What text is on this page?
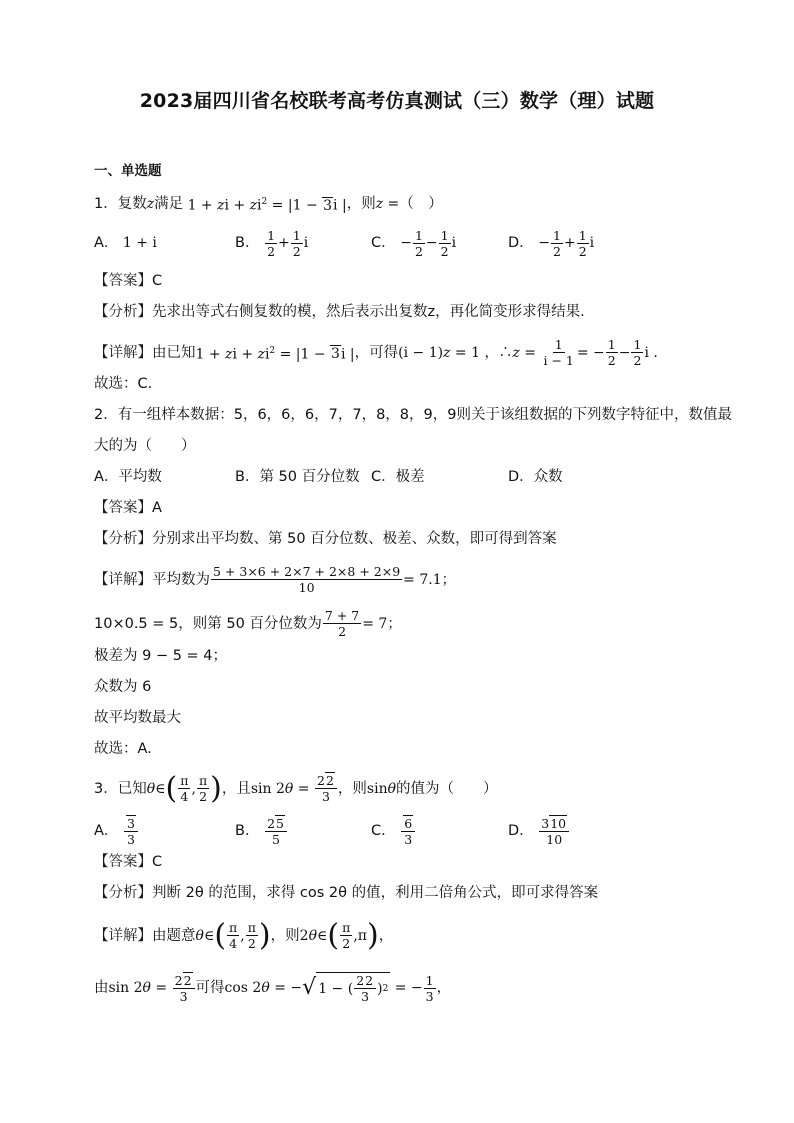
2023届四川省名校联考高考仿真测试（三）数学（理）试题
一、单选题
1．复数 z 满足 1 + zi + $zi^2 = |1 - 3i$ | ，则 z = （　）
A． 1 + i	B．
$\frac{1}{2} + \frac{1}{2}$ i	C．
− $\frac{1}{2} - \frac{1}{2}$ i	D．
− $\frac{1}{2} + \frac{1}{2}$ i
【答案】 C
【分析】 先求出等式右侧复数的模，然后表示出复数z，再化简变形求得结果.
【详解】 由已知 1 + zi + $zi^2 = |1 - 3i$ | ，可得 (i − 1)z = 1 ，∴z = $\frac{1}{i - 1}$ = − $\frac{1}{2} - \frac{1}{2}$ i .
故选： C．
2．有一组样本数据：5，6，6，6，7，7，8，8，9，9则关于该组数据的下列数字特征中，数值最
大的为（　　）
A．平均数	B．第 50 百分位数 C．极差	D．众数
【答案】 A
【分析】 分别求出平均数、第 50 百分位数、极差、众数，即可得到答案
【详解】 平均数为 $\frac{5 + 3\times 6 + 2\times 7 + 2\times 8 + 2\times 9}{10} = 7.1$；
10×0.5 = 5，则第 50 百分位数为 $\frac{7 + 7}{2} = 7$；
极差为 9 − 5 = 4；
众数为 6
故平均数最大
故选： A.
3．已知 θ ∈ ( $\frac{\pi}{4}$ , $\frac{\pi}{2}$ ) ，且 $\sin 2\theta = \frac{22}{3}$ ，则 sinθ 的值为（　　）
A．
$\frac{3}{3}$	B．
$\frac{25}{5}$	C．
$\frac{6}{3}$	D．
$\frac{310}{10}$
【答案】 C
【分析】 判断 2θ 的范围，求得 cos 2θ 的值，利用二倍角公式，即可求得答案
【详解】 由题意 θ ∈ ( $\frac{\pi}{4}$ , $\frac{\pi}{2}$ ) ，则 2θ∈ ( $\frac{\pi}{2} ,\pi$ ) ，
由 $\sin 2\theta = \frac{22}{3}$ 可得 cos 2θ = − √ 1 − ( $\frac{22}{3}$ ) 2 = − $\frac{1}{3}$ ，
